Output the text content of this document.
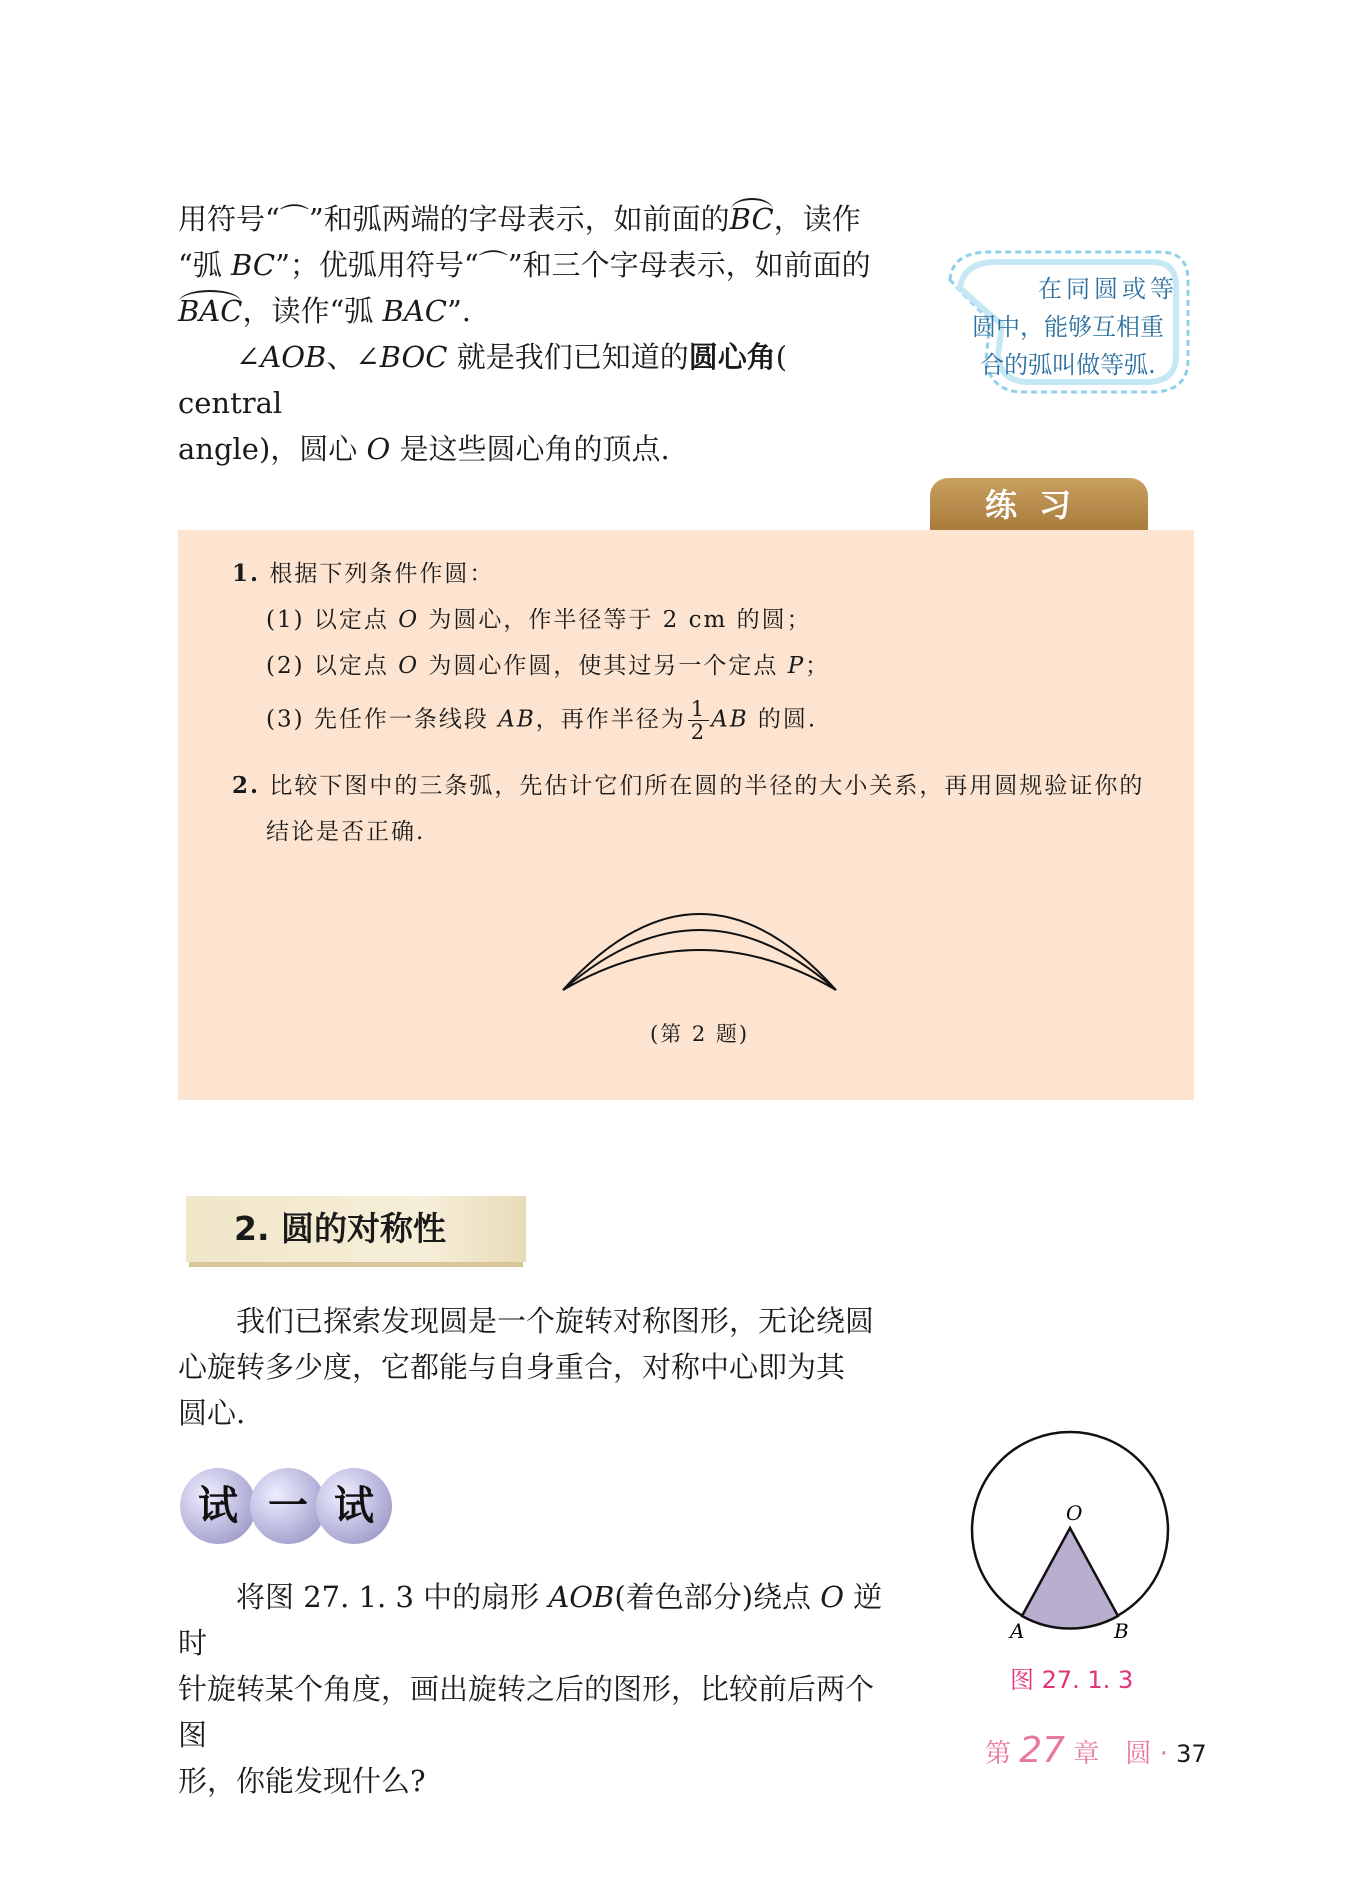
用符号“⌒”和弧两端的字母表示，如前面的BC，读作
“弧 BC”；优弧用符号“⌒”和三个字母表示，如前面的
BAC，读作“弧 BAC”.
∠AOB、∠BOC 就是我们已知道的圆心角( central
angle)，圆心 O 是这些圆心角的顶点.
在同圆或等
圆中，能够互相重
合的弧叫做等弧.
练习
1. 根据下列条件作圆：
(1) 以定点 O 为圆心，作半径等于 2 cm 的圆；
(2) 以定点 O 为圆心作圆，使其过另一个定点 P；
(3) 先任作一条线段 AB，再作半径为 $\frac{1}{2}$ AB 的圆.
2. 比较下图中的三条弧，先估计它们所在圆的半径的大小关系，再用圆规验证你的
结论是否正确.
(第 2 题)
2. 圆的对称性
我们已探索发现圆是一个旋转对称图形，无论绕圆
心旋转多少度，它都能与自身重合，对称中心即为其
圆心.
试 一 试
将图 27. 1. 3 中的扇形 AOB(着色部分)绕点 O 逆时
针旋转某个角度，画出旋转之后的图形，比较前后两个图
形，你能发现什么?
O
A	B
图 27. 1. 3
第 27 章　圆 · 37
